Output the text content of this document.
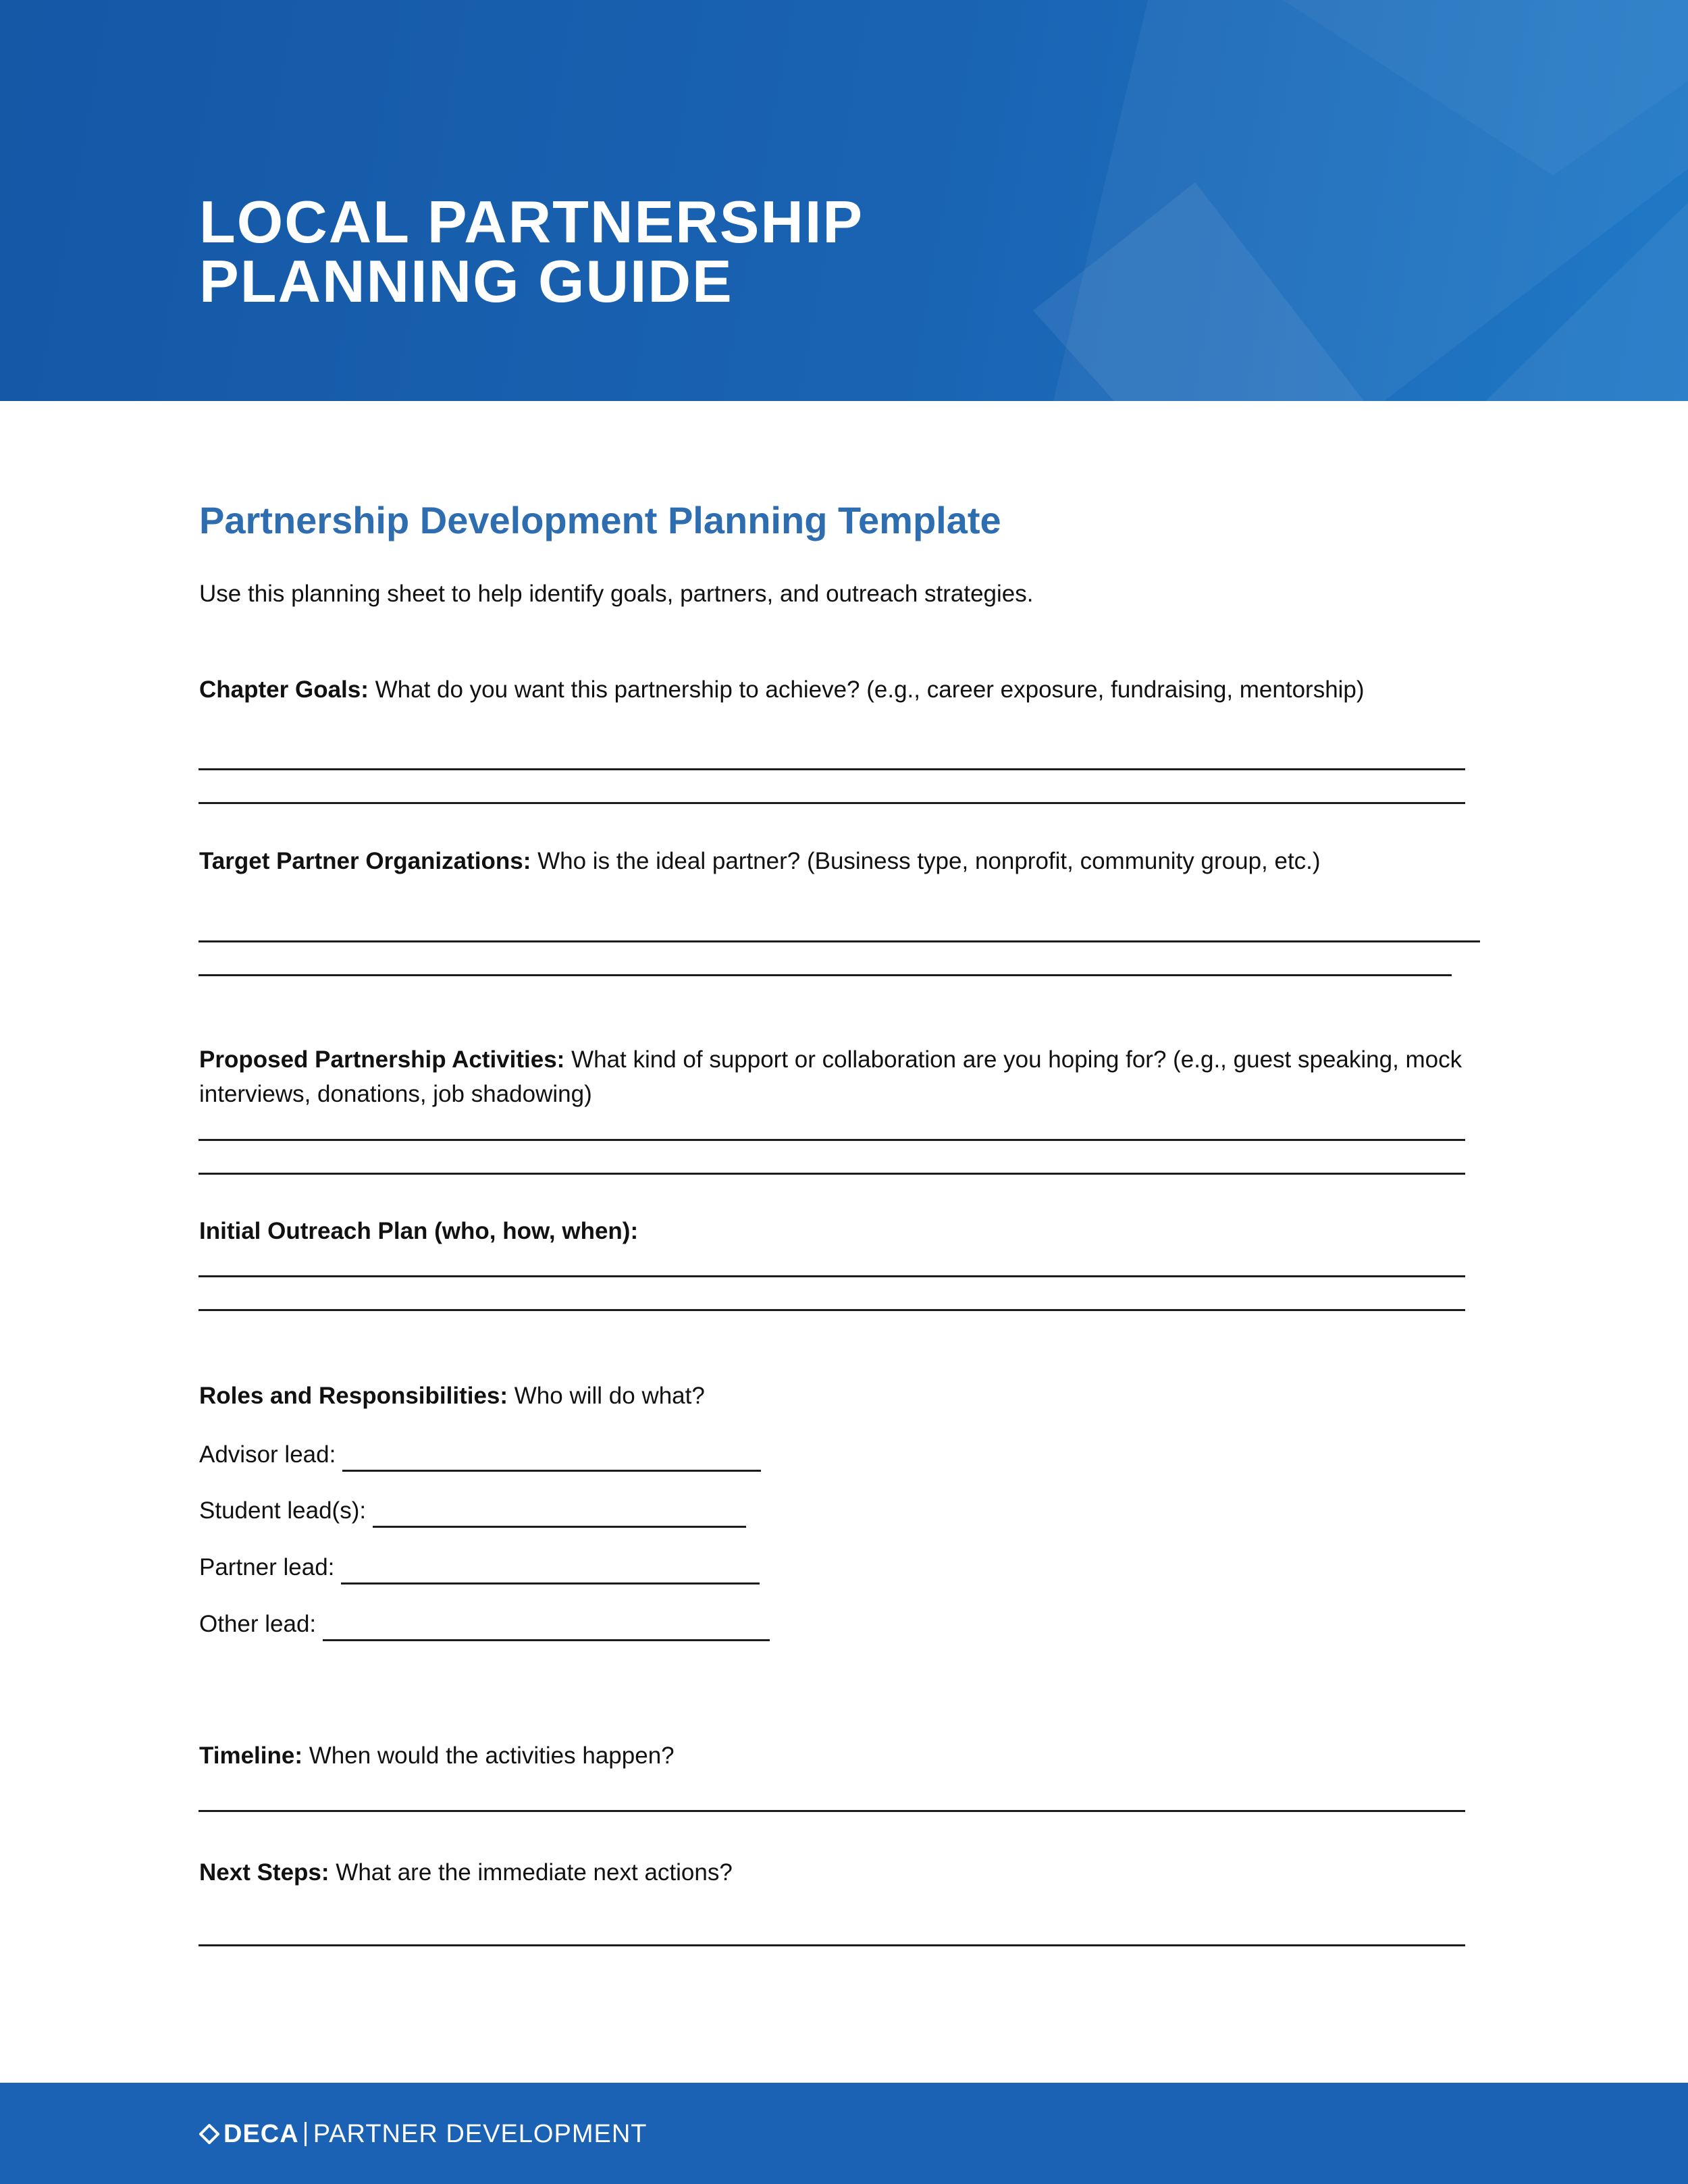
LOCAL PARTNERSHIP
PLANNING GUIDE
Partnership Development Planning Template

Use this planning sheet to help identify goals, partners, and outreach strategies.

Chapter Goals: What do you want this partnership to achieve? (e.g., career exposure, fundraising, mentorship)

Target Partner Organizations: Who is the ideal partner? (Business type, nonprofit, community group, etc.)

Proposed Partnership Activities: What kind of support or collaboration are you hoping for? (e.g., guest speaking, mock interviews, donations, job shadowing)

Initial Outreach Plan (who, how, when):

Roles and Responsibilities: Who will do what?

Advisor lead:
Student lead(s):
Partner lead:
Other lead:

Timeline: When would the activities happen?

Next Steps: What are the immediate next actions?

DECA PARTNER DEVELOPMENT
